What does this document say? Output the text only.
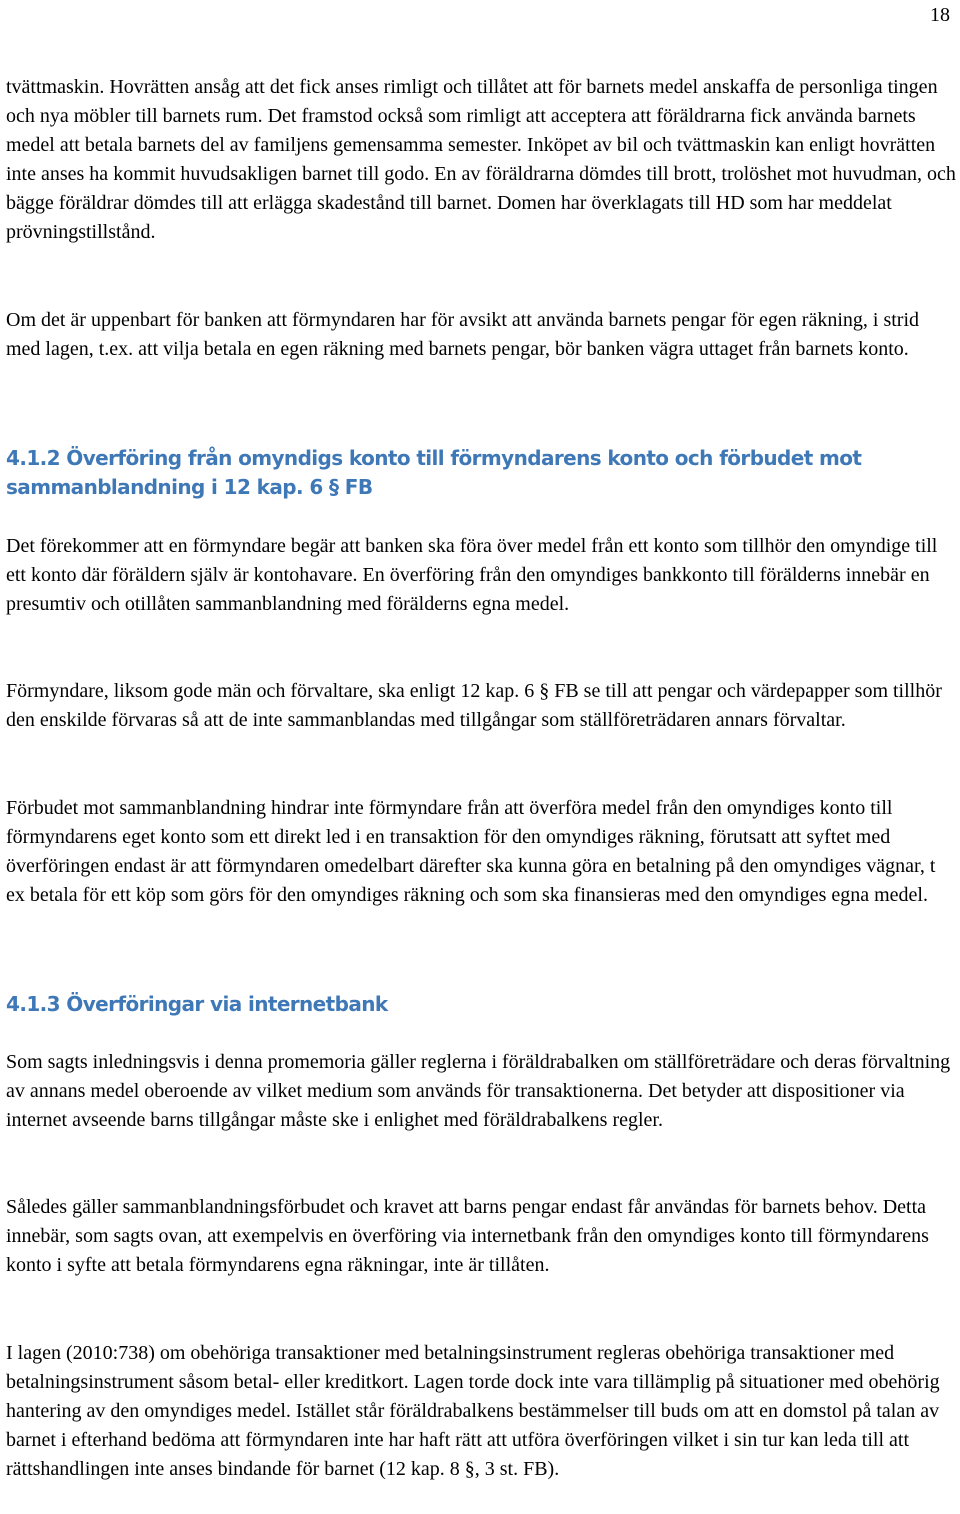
18

tvättmaskin. Hovrätten ansåg att det fick anses rimligt och tillåtet att för barnets medel anskaffa de personliga tingen och nya möbler till barnets rum. Det framstod också som rimligt att acceptera att föräldrarna fick använda barnets medel att betala barnets del av familjens gemensamma semester. Inköpet av bil och tvättmaskin kan enligt hovrätten inte anses ha kommit huvudsakligen barnet till godo. En av föräldrarna dömdes till brott, trolöshet mot huvudman, och bägge föräldrar dömdes till att erlägga skadestånd till barnet. Domen har överklagats till HD som har meddelat prövningstillstånd.

Om det är uppenbart för banken att förmyndaren har för avsikt att använda barnets pengar för egen räkning, i strid med lagen, t.ex. att vilja betala en egen räkning med barnets pengar, bör banken vägra uttaget från barnets konto.

4.1.2 Överföring från omyndigs konto till förmyndarens konto och förbudet mot sammanblandning i 12 kap. 6 § FB

Det förekommer att en förmyndare begär att banken ska föra över medel från ett konto som tillhör den omyndige till ett konto där föräldern själv är kontohavare. En överföring från den omyndiges bankkonto till förälderns innebär en presumtiv och otillåten sammanblandning med förälderns egna medel.

Förmyndare, liksom gode män och förvaltare, ska enligt 12 kap. 6 § FB se till att pengar och värdepapper som tillhör den enskilde förvaras så att de inte sammanblandas med tillgångar som ställföreträdaren annars förvaltar.

Förbudet mot sammanblandning hindrar inte förmyndare från att överföra medel från den omyndiges konto till förmyndarens eget konto som ett direkt led i en transaktion för den omyndiges räkning, förutsatt att syftet med överföringen endast är att förmyndaren omedelbart därefter ska kunna göra en betalning på den omyndiges vägnar, t ex betala för ett köp som görs för den omyndiges räkning och som ska finansieras med den omyndiges egna medel.

4.1.3 Överföringar via internetbank

Som sagts inledningsvis i denna promemoria gäller reglerna i föräldrabalken om ställföreträdare och deras förvaltning av annans medel oberoende av vilket medium som används för transaktionerna. Det betyder att dispositioner via internet avseende barns tillgångar måste ske i enlighet med föräldrabalkens regler.

Således gäller sammanblandningsförbudet och kravet att barns pengar endast får användas för barnets behov. Detta innebär, som sagts ovan, att exempelvis en överföring via internetbank från den omyndiges konto till förmyndarens konto i syfte att betala förmyndarens egna räkningar, inte är tillåten.

I lagen (2010:738) om obehöriga transaktioner med betalningsinstrument regleras obehöriga transaktioner med betalningsinstrument såsom betal- eller kreditkort. Lagen torde dock inte vara tillämplig på situationer med obehörig hantering av den omyndiges medel. Istället står föräldrabalkens bestämmelser till buds om att en domstol på talan av barnet i efterhand bedöma att förmyndaren inte har haft rätt att utföra överföringen vilket i sin tur kan leda till att rättshandlingen inte anses bindande för barnet (12 kap. 8 §, 3 st. FB).
